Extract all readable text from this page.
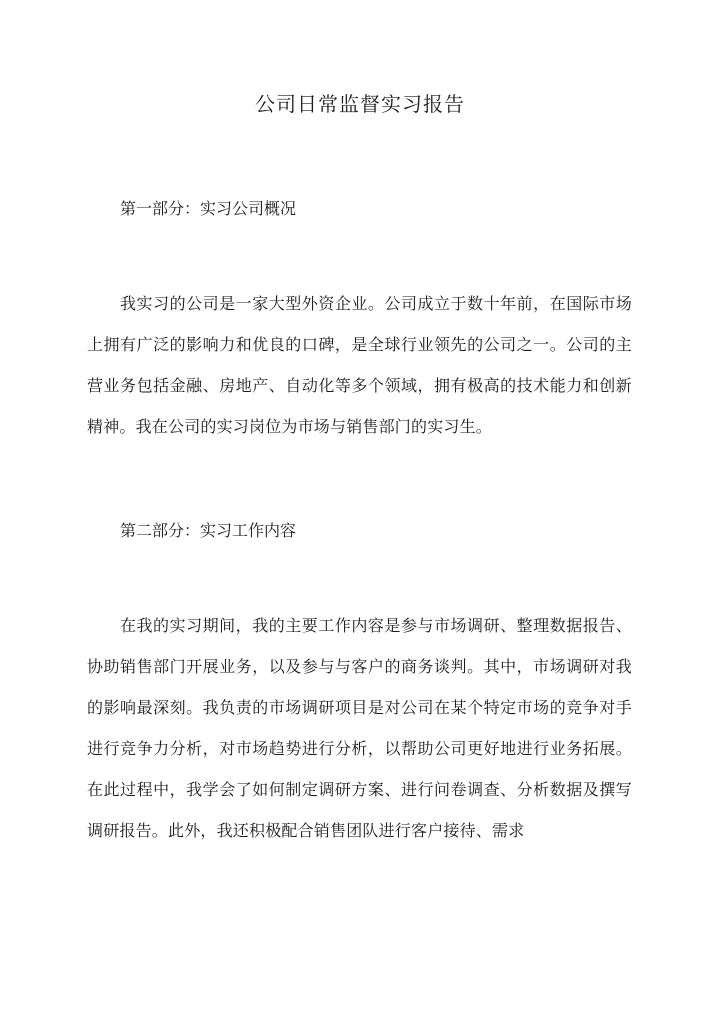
公司日常监督实习报告
第一部分：实习公司概况

我实习的公司是一家大型外资企业。公司成立于数十年前，在国际市场上拥有广泛的影响力和优良的口碑，是全球行业领先的公司之一。公司的主营业务包括金融、房地产、自动化等多个领域，拥有极高的技术能力和创新精神。我在公司的实习岗位为市场与销售部门的实习生。

第二部分：实习工作内容

在我的实习期间，我的主要工作内容是参与市场调研、整理数据报告、协助销售部门开展业务，以及参与与客户的商务谈判。其中，市场调研对我的影响最深刻。我负责的市场调研项目是对公司在某个特定市场的竞争对手进行竞争力分析，对市场趋势进行分析，以帮助公司更好地进行业务拓展。在此过程中，我学会了如何制定调研方案、进行问卷调查、分析数据及撰写调研报告。此外，我还积极配合销售团队进行客户接待、需求
